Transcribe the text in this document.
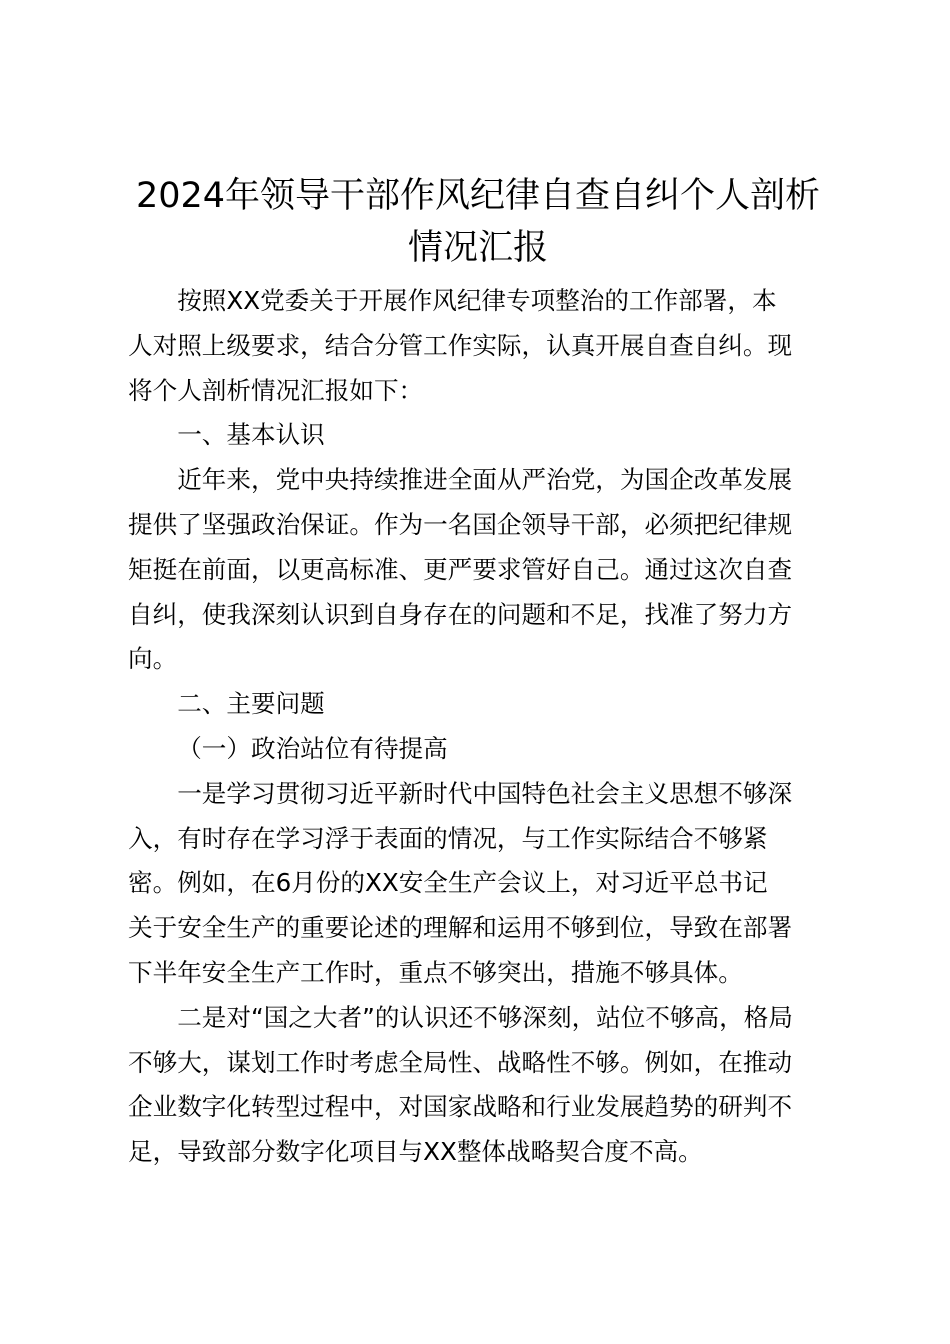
2024年领导干部作风纪律自查自纠个人剖析
情况汇报

按照XX党委关于开展作风纪律专项整治的工作部署，本
人对照上级要求，结合分管工作实际，认真开展自查自纠。现
将个人剖析情况汇报如下：

一、基本认识

近年来，党中央持续推进全面从严治党，为国企改革发展
提供了坚强政治保证。作为一名国企领导干部，必须把纪律规
矩挺在前面，以更高标准、更严要求管好自己。通过这次自查
自纠，使我深刻认识到自身存在的问题和不足，找准了努力方
向。

二、主要问题

（一）政治站位有待提高

一是学习贯彻习近平新时代中国特色社会主义思想不够深
入，有时存在学习浮于表面的情况，与工作实际结合不够紧
密。例如，在6月份的XX安全生产会议上，对习近平总书记
关于安全生产的重要论述的理解和运用不够到位，导致在部署
下半年安全生产工作时，重点不够突出，措施不够具体。

二是对“国之大者”的认识还不够深刻，站位不够高，格局
不够大，谋划工作时考虑全局性、战略性不够。例如，在推动
企业数字化转型过程中，对国家战略和行业发展趋势的研判不
足，导致部分数字化项目与XX整体战略契合度不高。
